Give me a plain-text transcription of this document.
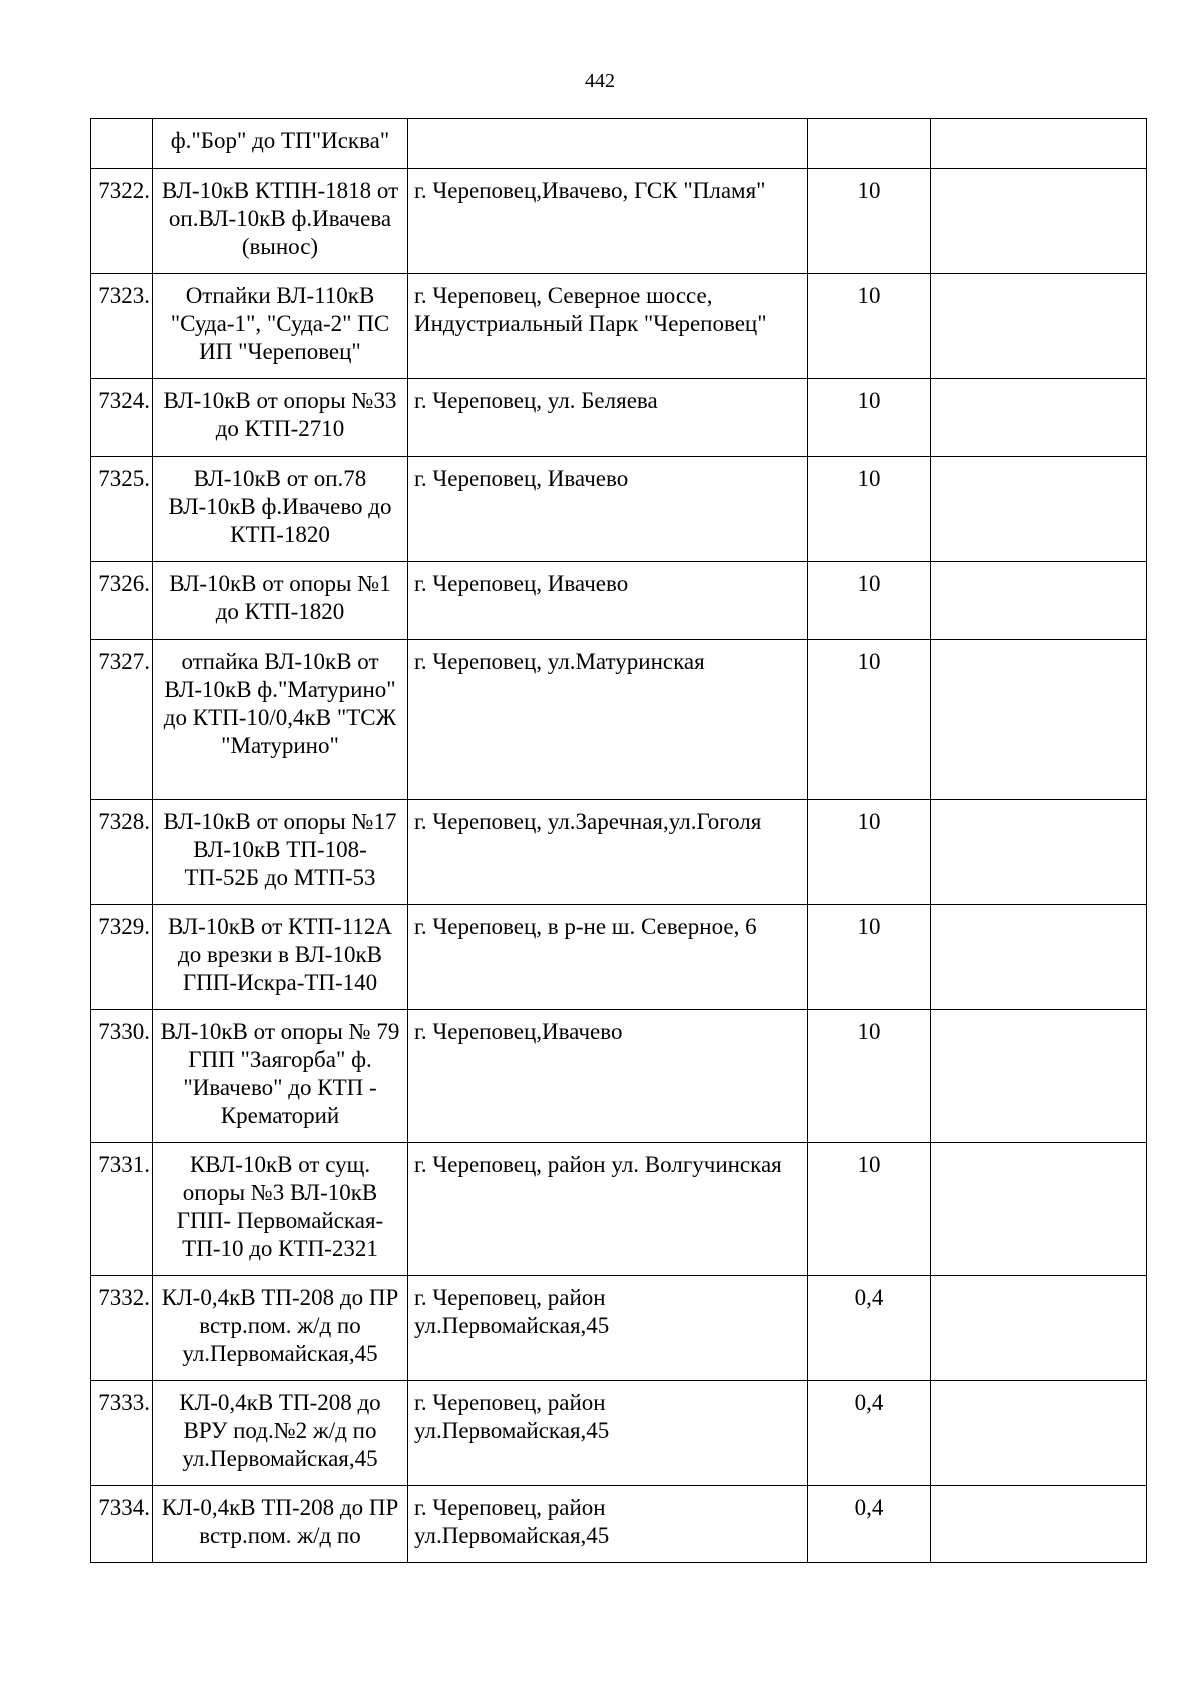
442
	ф."Бор" до ТП"Исква"			
7322.	ВЛ-10кВ КТПН-1818 от оп.ВЛ-10кВ ф.Ивачева (вынос)	г. Череповец,Ивачево, ГСК "Пламя"	10	
7323.	Отпайки ВЛ-110кВ "Суда-1", "Суда-2" ПС ИП "Череповец"	г. Череповец, Северное шоссе, Индустриальный Парк "Череповец"	10	
7324.	ВЛ-10кВ от опоры №33 до КТП-2710	г. Череповец, ул. Беляева	10	
7325.	ВЛ-10кВ от оп.78 ВЛ-10кВ ф.Ивачево до КТП-1820	г. Череповец, Ивачево	10	
7326.	ВЛ-10кВ от опоры №1 до КТП-1820	г. Череповец, Ивачево	10	
7327.	отпайка ВЛ-10кВ от ВЛ-10кВ ф."Матурино" до КТП-10/0,4кВ "ТСЖ "Матурино"	г. Череповец, ул.Матуринская	10	
7328.	ВЛ-10кВ от опоры №17 ВЛ-10кВ ТП-108-ТП-52Б до МТП-53	г. Череповец, ул.Заречная,ул.Гоголя	10	
7329.	ВЛ-10кВ от КТП-112А до врезки в ВЛ-10кВ ГПП-Искра-ТП-140	г. Череповец, в р-не ш. Северное, 6	10	
7330.	ВЛ-10кВ от опоры № 79 ГПП "Заягорба" ф. "Ивачево" до КТП - Крематорий	г. Череповец,Ивачево	10	
7331.	КВЛ-10кВ от сущ. опоры №3 ВЛ-10кВ ГПП- Первомайская-ТП-10 до КТП-2321	г. Череповец, район ул. Волгучинская	10	
7332.	КЛ-0,4кВ ТП-208 до ПР встр.пом. ж/д по ул.Первомайская,45	г. Череповец, район ул.Первомайская,45	0,4	
7333.	КЛ-0,4кВ ТП-208 до ВРУ под.№2 ж/д по ул.Первомайская,45	г. Череповец, район ул.Первомайская,45	0,4	
7334.	КЛ-0,4кВ ТП-208 до ПР встр.пом. ж/д по	г. Череповец, район ул.Первомайская,45	0,4	
